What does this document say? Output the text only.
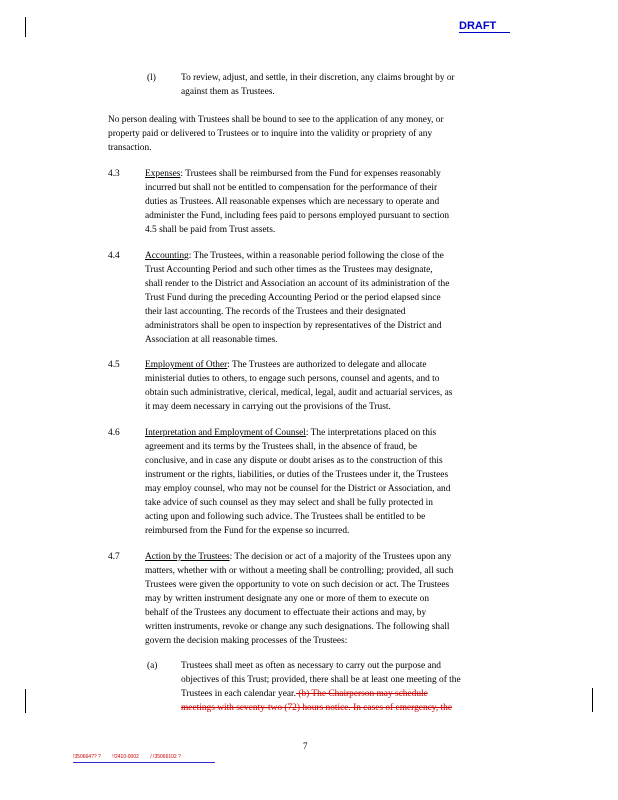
DRAFT
(l)	To review, adjust, and settle, in their discretion, any claims brought by or
against them as Trustees.
No person dealing with Trustees shall be bound to see to the application of any money, or
property paid or delivered to Trustees or to inquire into the validity or propriety of any
transaction.
4.3	Expenses: Trustees shall be reimbursed from the Fund for expenses reasonably
incurred but shall not be entitled to compensation for the performance of their
duties as Trustees. All reasonable expenses which are necessary to operate and
administer the Fund, including fees paid to persons employed pursuant to section
4.5 shall be paid from Trust assets.
4.4	Accounting: The Trustees, within a reasonable period following the close of the
Trust Accounting Period and such other times as the Trustees may designate,
shall render to the District and Association an account of its administration of the
Trust Fund during the preceding Accounting Period or the period elapsed since
their last accounting. The records of the Trustees and their designated
administrators shall be open to inspection by representatives of the District and
Association at all reasonable times.
4.5	Employment of Other: The Trustees are authorized to delegate and allocate
ministerial duties to others, to engage such persons, counsel and agents, and to
obtain such administrative, clerical, medical, legal, audit and actuarial services, as
it may deem necessary in carrying out the provisions of the Trust.
4.6	Interpretation and Employment of Counsel: The interpretations placed on this
agreement and its terms by the Trustees shall, in the absence of fraud, be
conclusive, and in case any dispute or doubt arises as to the construction of this
instrument or the rights, liabilities, or duties of the Trustees under it, the Trustees
may employ counsel, who may not be counsel for the District or Association, and
take advice of such counsel as they may select and shall be fully protected in
acting upon and following such advice. The Trustees shall be entitled to be
reimbursed from the Fund for the expense so incurred.
4.7	Action by the Trustees: The decision or act of a majority of the Trustees upon any
matters, whether with or without a meeting shall be controlling; provided, all such
Trustees were given the opportunity to vote on such decision or act. The Trustees
may by written instrument designate any one or more of them to execute on
behalf of the Trustees any document to effectuate their actions and may, by
written instruments, revoke or change any such designations. The following shall
govern the decision making processes of the Trustees:
(a)	Trustees shall meet as often as necessary to carry out the purpose and
objectives of this Trust; provided, there shall be at least one meeting of the
Trustees in each calendar year. (b) The Chairperson may schedule
meetings with seventy-two (72) hours notice. In cases of emergency, the
7
!350664?? ? !!2410-0002 / !35066102 ?
